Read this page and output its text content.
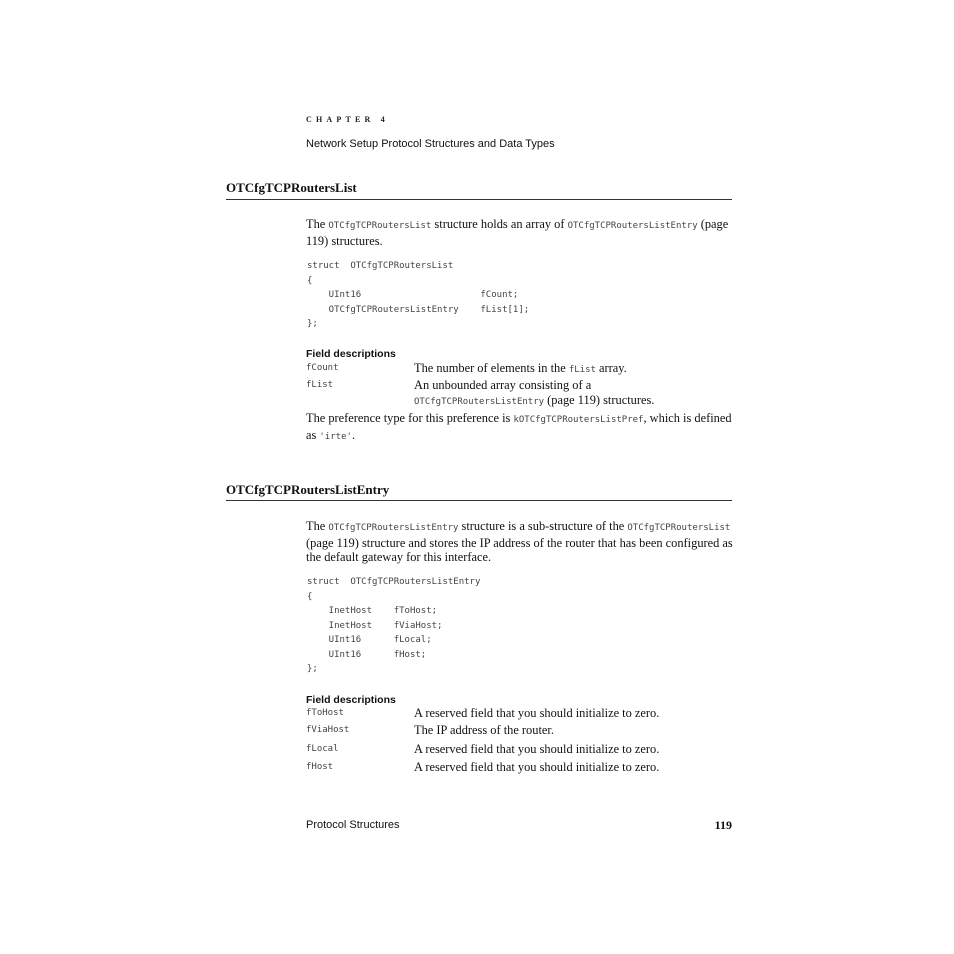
CHAPTER 4
Network Setup Protocol Structures and Data Types
OTCfgTCPRoutersList
The OTCfgTCPRoutersList structure holds an array of OTCfgTCPRoutersListEntry (page 119) structures.
struct  OTCfgTCPRoutersList
{
UInt16                      fCount;
OTCfgTCPRoutersListEntry    fList[1];
};
Field descriptions
fCount	The number of elements in the fList array.
fList	An unbounded array consisting of a
OTCfgTCPRoutersListEntry (page 119) structures.
The preference type for this preference is kOTCfgTCPRoutersListPref, which is defined as 'irte'.
OTCfgTCPRoutersListEntry
The OTCfgTCPRoutersListEntry structure is a sub-structure of the OTCfgTCPRoutersList (page 119) structure and stores the IP address of the router that has been configured as the default gateway for this interface.
struct  OTCfgTCPRoutersListEntry
{
InetHost    fToHost;
InetHost    fViaHost;
UInt16      fLocal;
UInt16      fHost;
};
Field descriptions
fToHost	A reserved field that you should initialize to zero.
fViaHost	The IP address of the router.
fLocal	A reserved field that you should initialize to zero.
fHost	A reserved field that you should initialize to zero.
Protocol Structures	119
